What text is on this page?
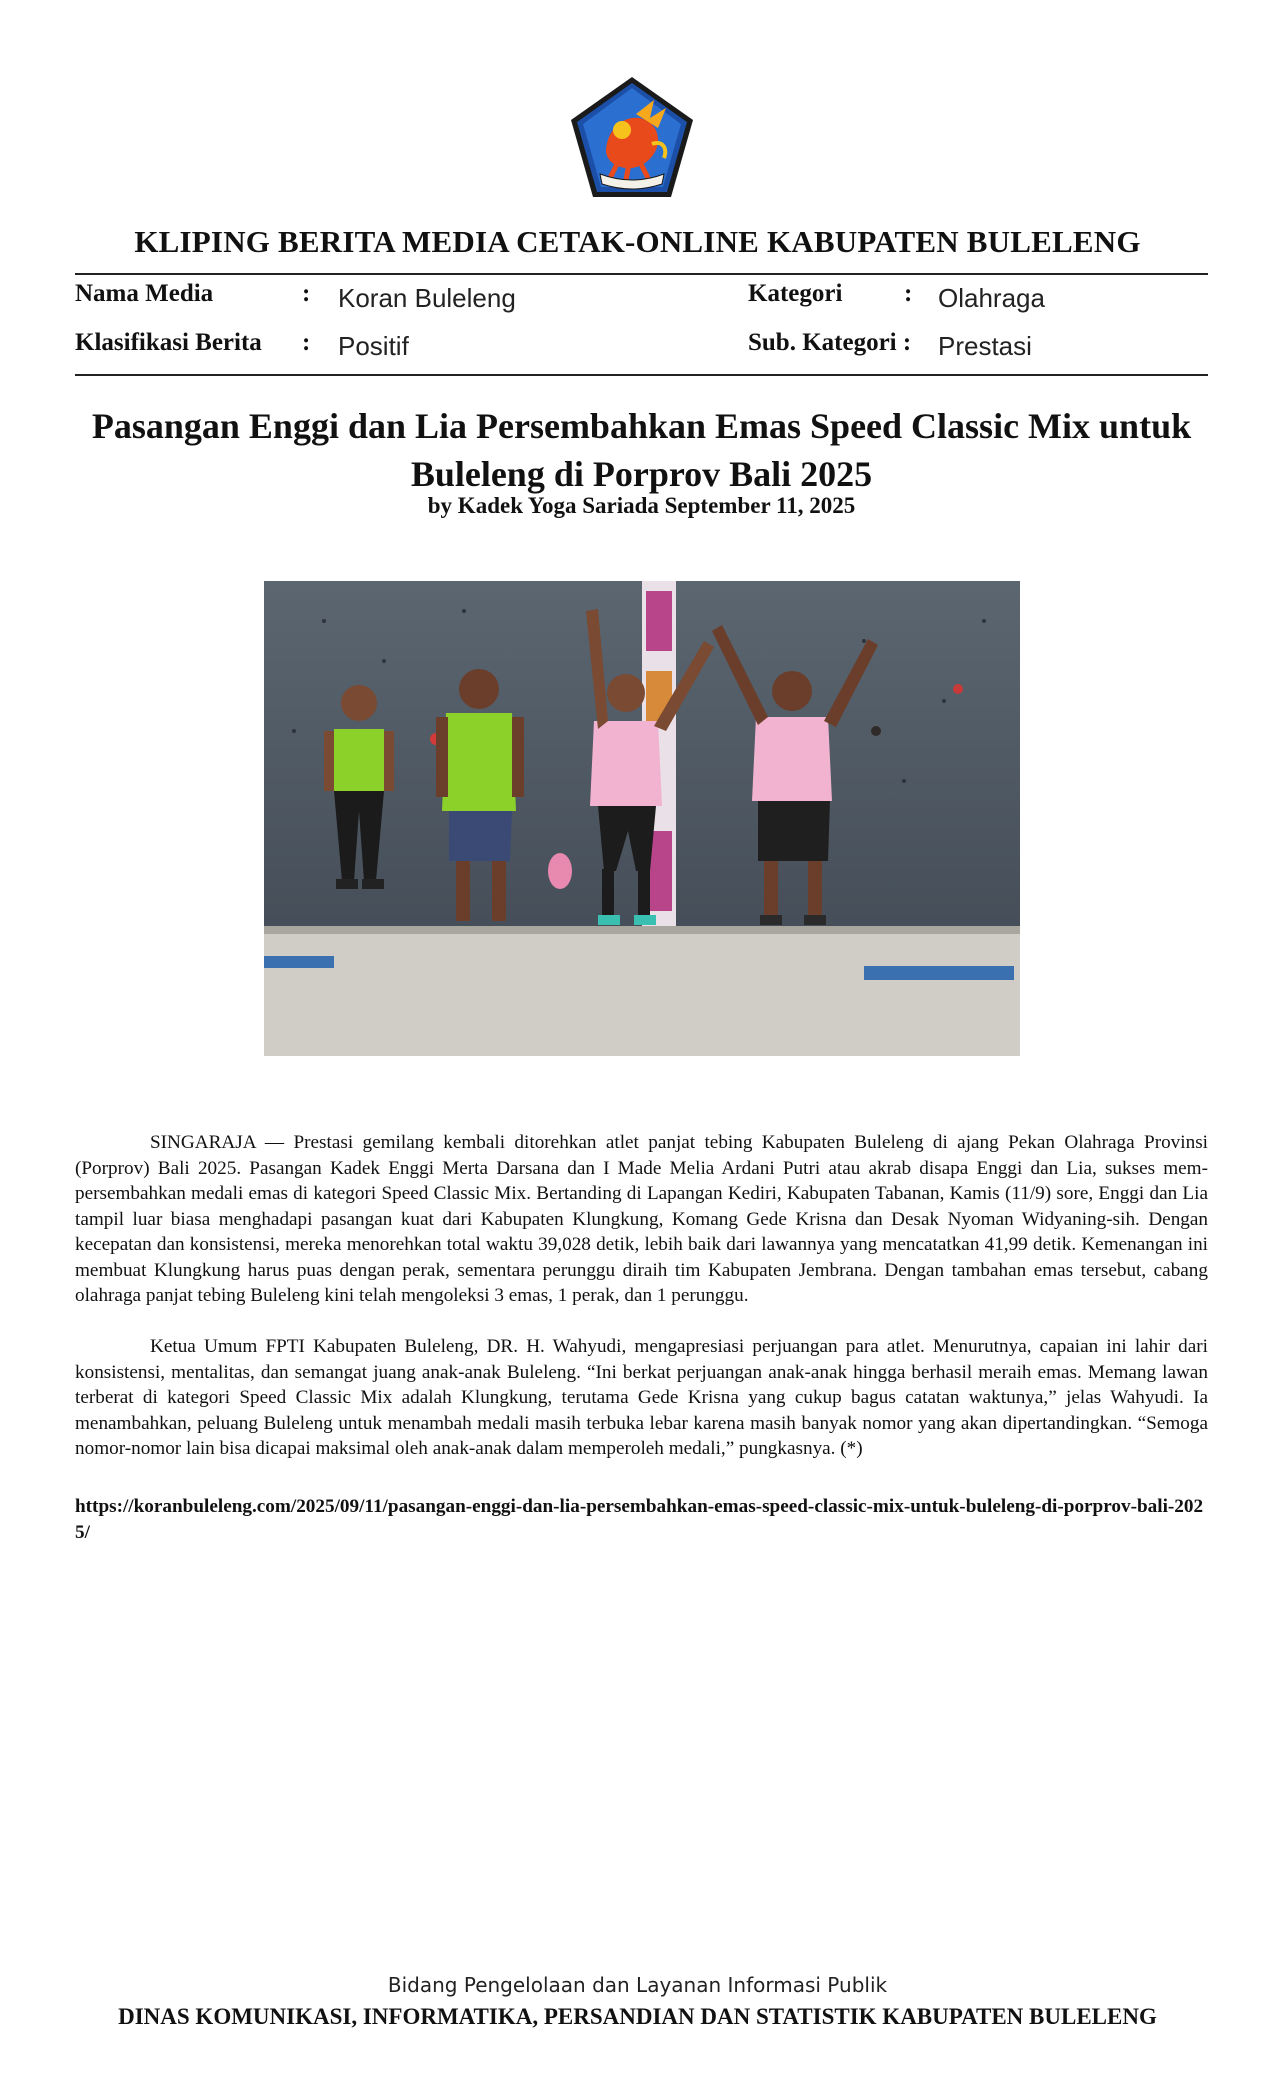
KLIPING BERITA MEDIA CETAK-ONLINE KABUPATEN BULELENG
Nama Media	: Koran Buleleng	Kategori : Olahraga
Klasifikasi Berita : Positif	Sub. Kategori : Prestasi
Pasangan Enggi dan Lia Persembahkan Emas Speed Classic Mix untuk
Buleleng di Porprov Bali 2025
by Kadek Yoga Sariada September 11, 2025

SINGARAJA — Prestasi gemilang kembali ditorehkan atlet panjat tebing Kabupaten Buleleng di ajang Pekan Olahraga Provinsi (Porprov) Bali 2025. Pasangan Kadek Enggi Merta Darsana dan I Made Melia Ardani Putri atau akrab disapa Enggi dan Lia, sukses mem-persembahkan medali emas di kategori Speed Classic Mix. Bertanding di Lapangan Kediri, Kabupaten Tabanan, Kamis (11/9) sore, Enggi dan Lia tampil luar biasa menghadapi pasangan kuat dari Kabupaten Klungkung, Komang Gede Krisna dan Desak Nyoman Widyaning-sih. Dengan kecepatan dan konsistensi, mereka menorehkan total waktu 39,028 detik, lebih baik dari lawannya yang mencatatkan 41,99 detik. Kemenangan ini membuat Klungkung harus puas dengan perak, sementara perunggu diraih tim Kabupaten Jembrana. Dengan tambahan emas tersebut, cabang olahraga panjat tebing Buleleng kini telah mengoleksi 3 emas, 1 perak, dan 1 perunggu.

Ketua Umum FPTI Kabupaten Buleleng, DR. H. Wahyudi, mengapresiasi perjuangan para atlet. Menurutnya, capaian ini lahir dari konsistensi, mentalitas, dan semangat juang anak-anak Buleleng. “Ini berkat perjuangan anak-anak hingga berhasil meraih emas. Memang lawan terberat di kategori Speed Classic Mix adalah Klungkung, terutama Gede Krisna yang cukup bagus catatan waktunya,” jelas Wahyudi. Ia menambahkan, peluang Buleleng untuk menambah medali masih terbuka lebar karena masih banyak nomor yang akan dipertandingkan. “Semoga nomor-nomor lain bisa dicapai maksimal oleh anak-anak dalam memperoleh medali,” pungkasnya. (*)

https://koranbuleleng.com/2025/09/11/pasangan-enggi-dan-lia-persembahkan-emas-speed-classic-mix-untuk-buleleng-di-porprov-bali-2025/
Bidang Pengelolaan dan Layanan Informasi Publik
DINAS KOMUNIKASI, INFORMATIKA, PERSANDIAN DAN STATISTIK KABUPATEN BULELENG
